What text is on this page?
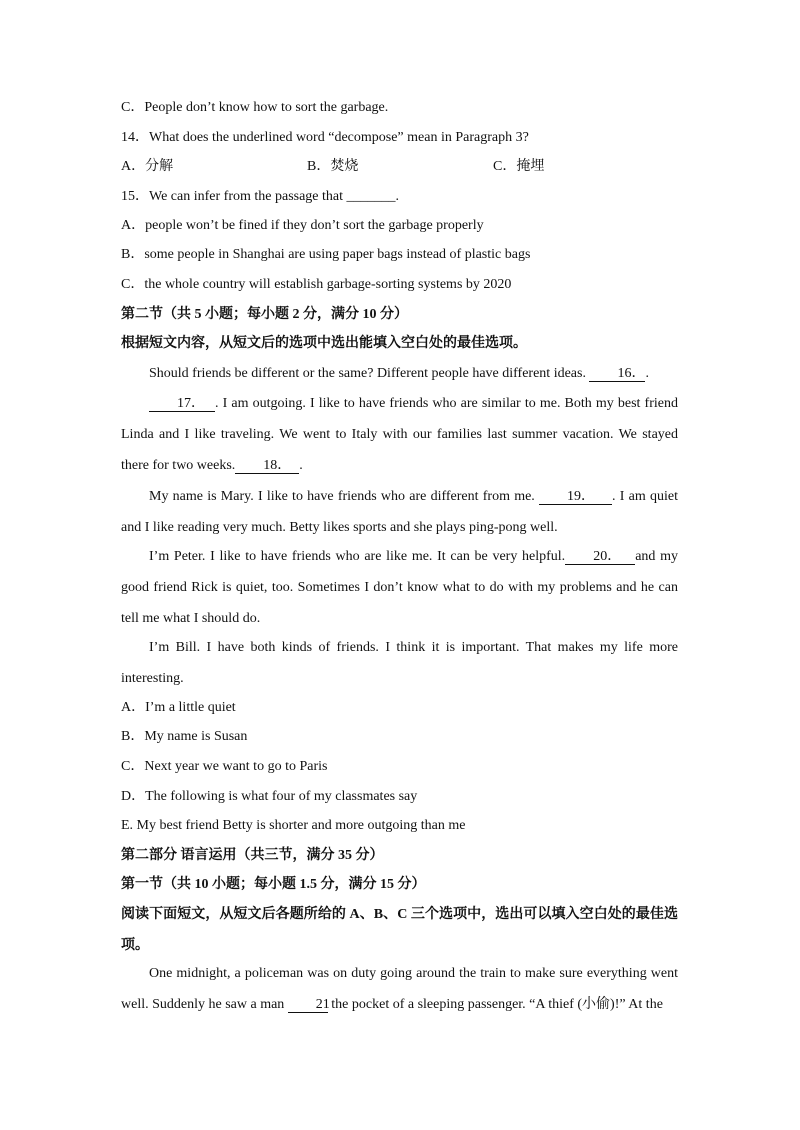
C．People don’t know how to sort the garbage.
14．What does the underlined word “decompose” mean in Paragraph 3?
A．分解	B．焚烧	C．掩埋
15．We can infer from the passage that _______.
A．people won’t be fined if they don’t sort the garbage properly
B．some people in Shanghai are using paper bags instead of plastic bags
C．the whole country will establish garbage-sorting systems by 2020
第二节（共 5 小题；每小题 2 分，满分 10 分）
根据短文内容，从短文后的选项中选出能填入空白处的最佳选项。
Should friends be different or the same? Different people have different ideas. 16．.
17． . I am outgoing. I like to have friends who are similar to me. Both my best friend Linda and I like traveling. We went to Italy with our families last summer vacation. We stayed there for two weeks. 18． .
My name is Mary. I like to have friends who are different from me. 19． . I am quiet and I like reading very much. Betty likes sports and she plays ping-pong well.
I’m Peter. I like to have friends who are like me. It can be very helpful. 20． and my good friend Rick is quiet, too. Sometimes I don’t know what to do with my problems and he can tell me what I should do.
I’m Bill. I have both kinds of friends. I think it is important. That makes my life more interesting.
A．I’m a little quiet
B．My name is Susan
C．Next year we want to go to Paris
D．The following is what four of my classmates say
E. My best friend Betty is shorter and more outgoing than me
第二部分 语言运用（共三节，满分 35 分）
第一节（共 10 小题；每小题 1.5 分，满分 15 分）
阅读下面短文，从短文后各题所给的 A、B、C 三个选项中，选出可以填入空白处的最佳选项。
One midnight, a policeman was on duty going around the train to make sure everything went well. Suddenly he saw a man 21 the pocket of a sleeping passenger. “A thief (小偷)!” At the
